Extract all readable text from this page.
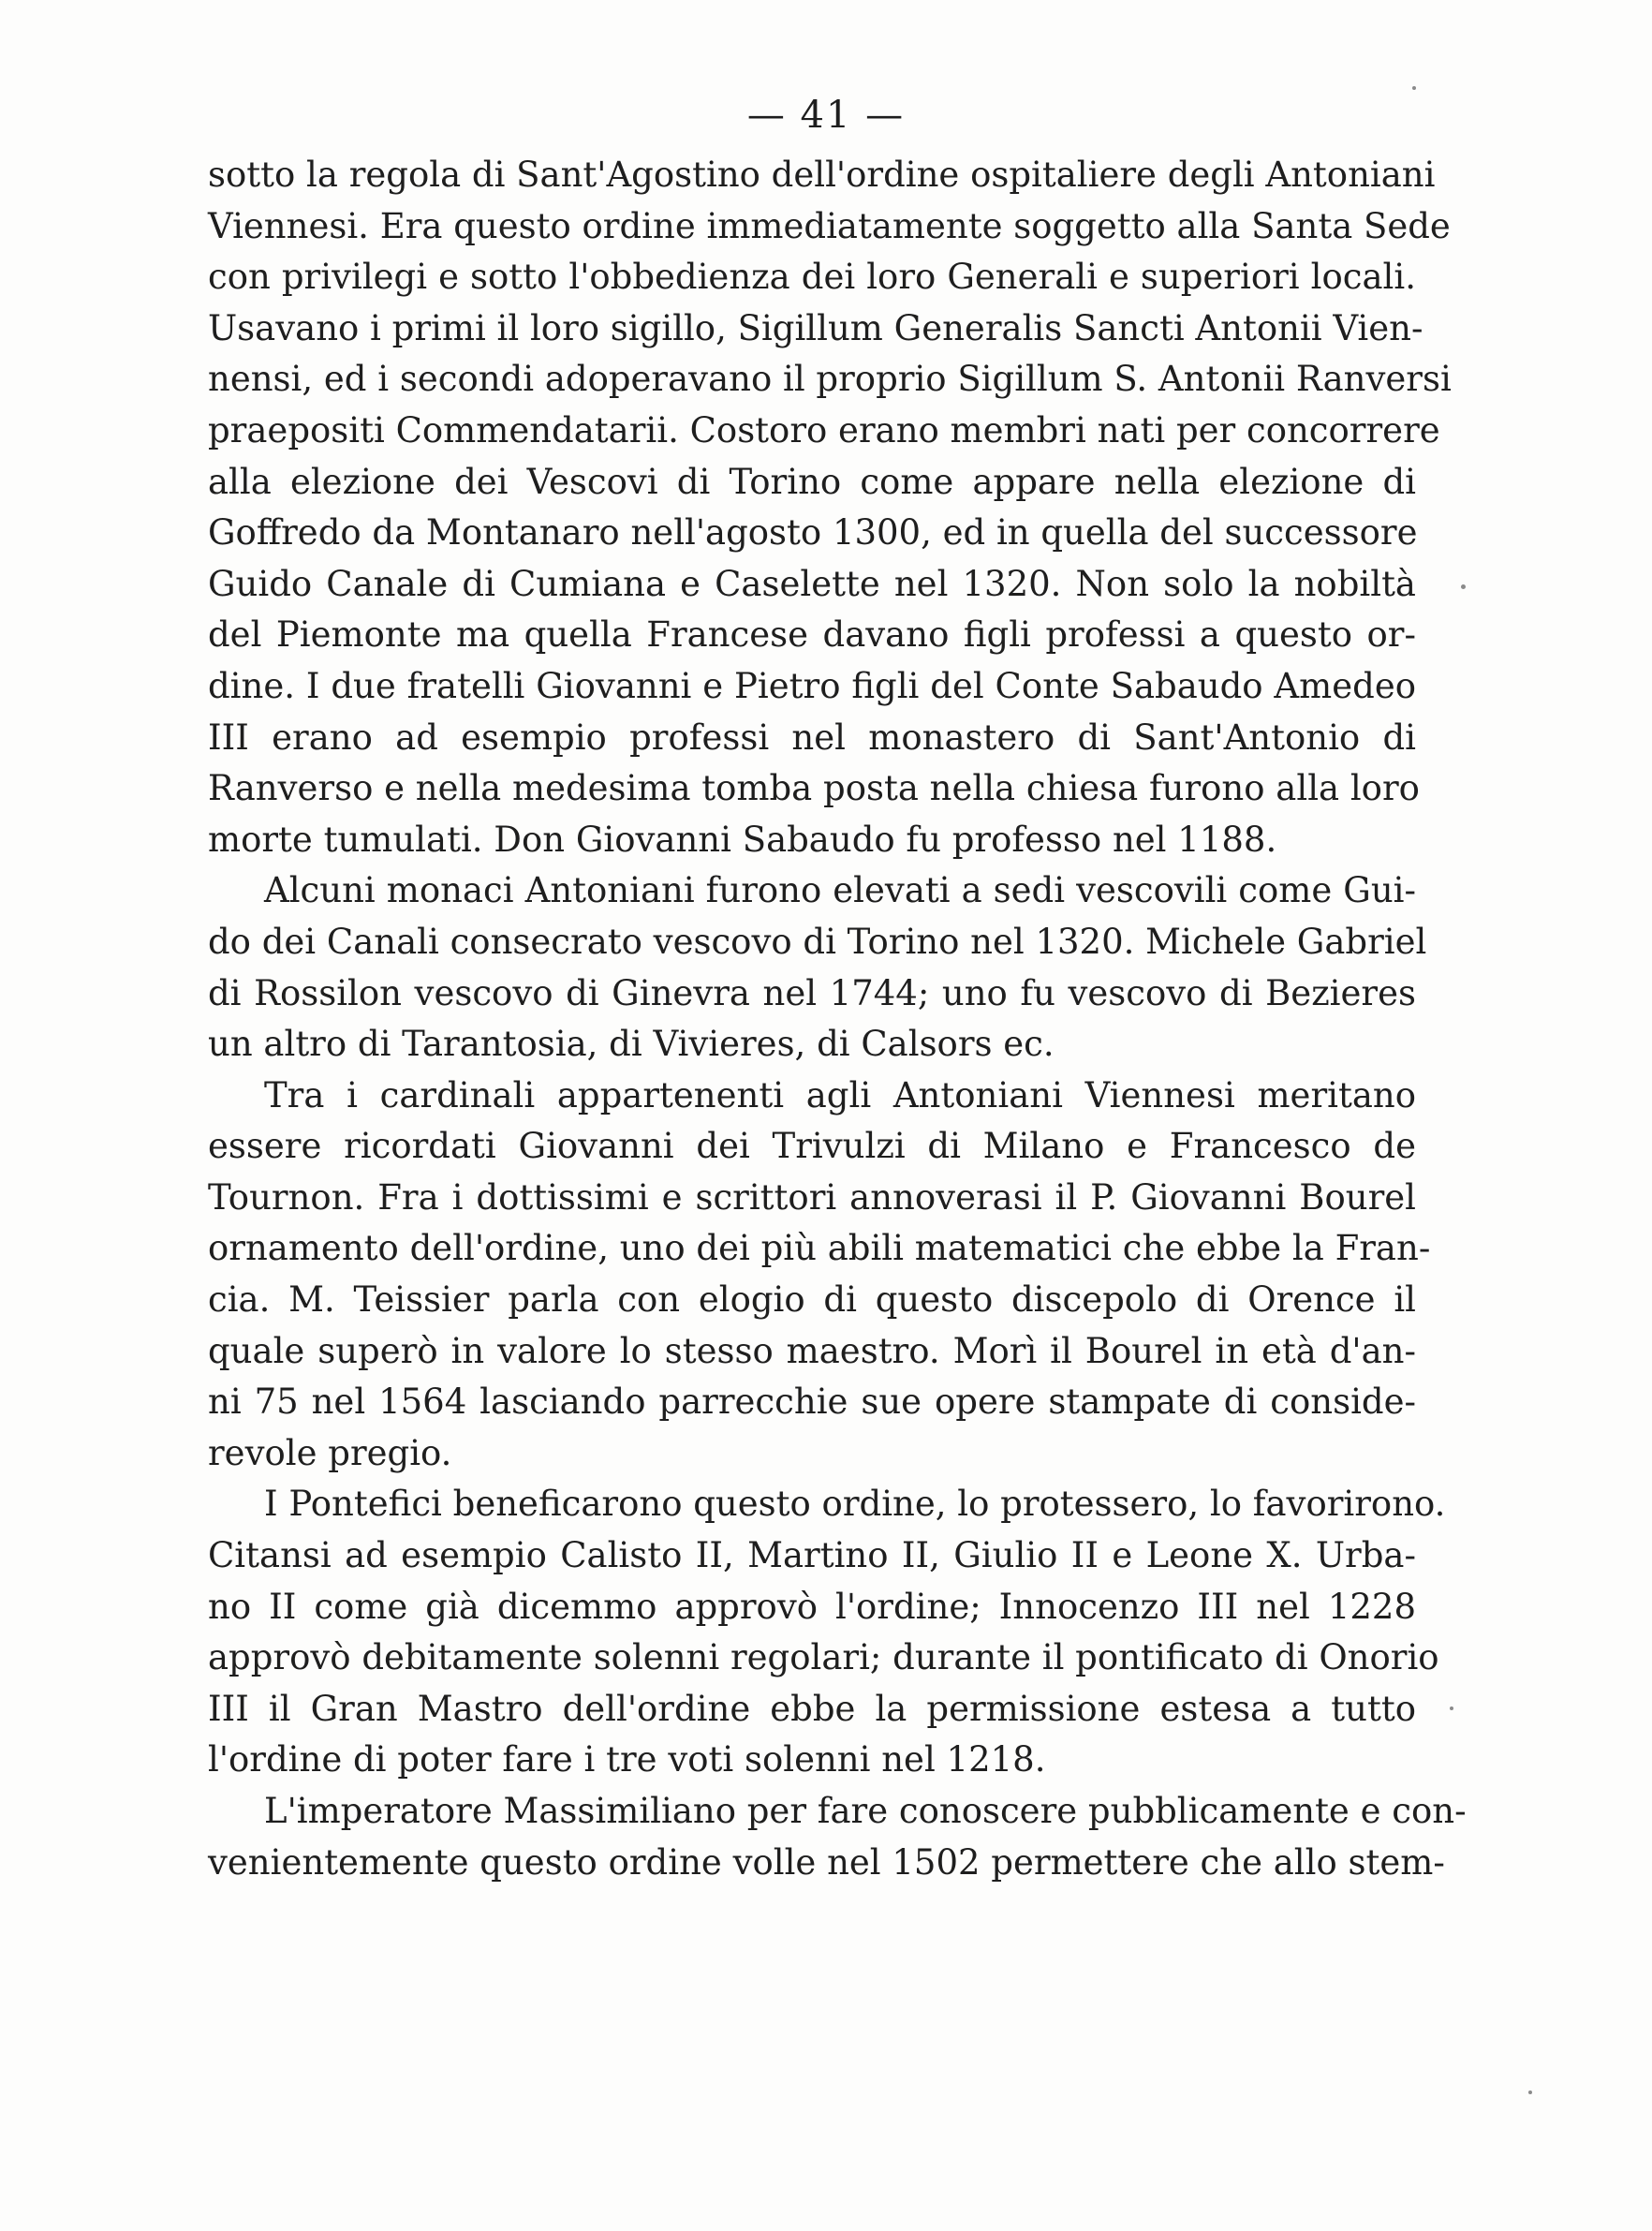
— 41 —
sotto la regola di Sant'Agostino dell'ordine ospitaliere degli Antoniani
Viennesi. Era questo ordine immediatamente soggetto alla Santa Sede
con privilegi e sotto l'obbedienza dei loro Generali e superiori locali.
Usavano i primi il loro sigillo, Sigillum Generalis Sancti Antonii Vien-
nensi, ed i secondi adoperavano il proprio Sigillum S. Antonii Ranversi
praepositi Commendatarii. Costoro erano membri nati per concorrere
alla elezione dei Vescovi di Torino come appare nella elezione di
Goffredo da Montanaro nell'agosto 1300, ed in quella del successore
Guido Canale di Cumiana e Caselette nel 1320. Non solo la nobiltà
del Piemonte ma quella Francese davano figli professi a questo or-
dine. I due fratelli Giovanni e Pietro figli del Conte Sabaudo Amedeo
III erano ad esempio professi nel monastero di Sant'Antonio di
Ranverso e nella medesima tomba posta nella chiesa furono alla loro
morte tumulati. Don Giovanni Sabaudo fu professo nel 1188.
Alcuni monaci Antoniani furono elevati a sedi vescovili come Gui-
do dei Canali consecrato vescovo di Torino nel 1320. Michele Gabriel
di Rossilon vescovo di Ginevra nel 1744; uno fu vescovo di Bezieres
un altro di Tarantosia, di Vivieres, di Calsors ec.
Tra i cardinali appartenenti agli Antoniani Viennesi meritano
essere ricordati Giovanni dei Trivulzi di Milano e Francesco de
Tournon. Fra i dottissimi e scrittori annoverasi il P. Giovanni Bourel
ornamento dell'ordine, uno dei più abili matematici che ebbe la Fran-
cia. M. Teissier parla con elogio di questo discepolo di Orence il
quale superò in valore lo stesso maestro. Morì il Bourel in età d'an-
ni 75 nel 1564 lasciando parrecchie sue opere stampate di conside-
revole pregio.
I Pontefici beneficarono questo ordine, lo protessero, lo favorirono.
Citansi ad esempio Calisto II, Martino II, Giulio II e Leone X. Urba-
no II come già dicemmo approvò l'ordine; Innocenzo III nel 1228
approvò debitamente solenni regolari; durante il pontificato di Onorio
III il Gran Mastro dell'ordine ebbe la permissione estesa a tutto
l'ordine di poter fare i tre voti solenni nel 1218.
L'imperatore Massimiliano per fare conoscere pubblicamente e con-
venientemente questo ordine volle nel 1502 permettere che allo stem-
